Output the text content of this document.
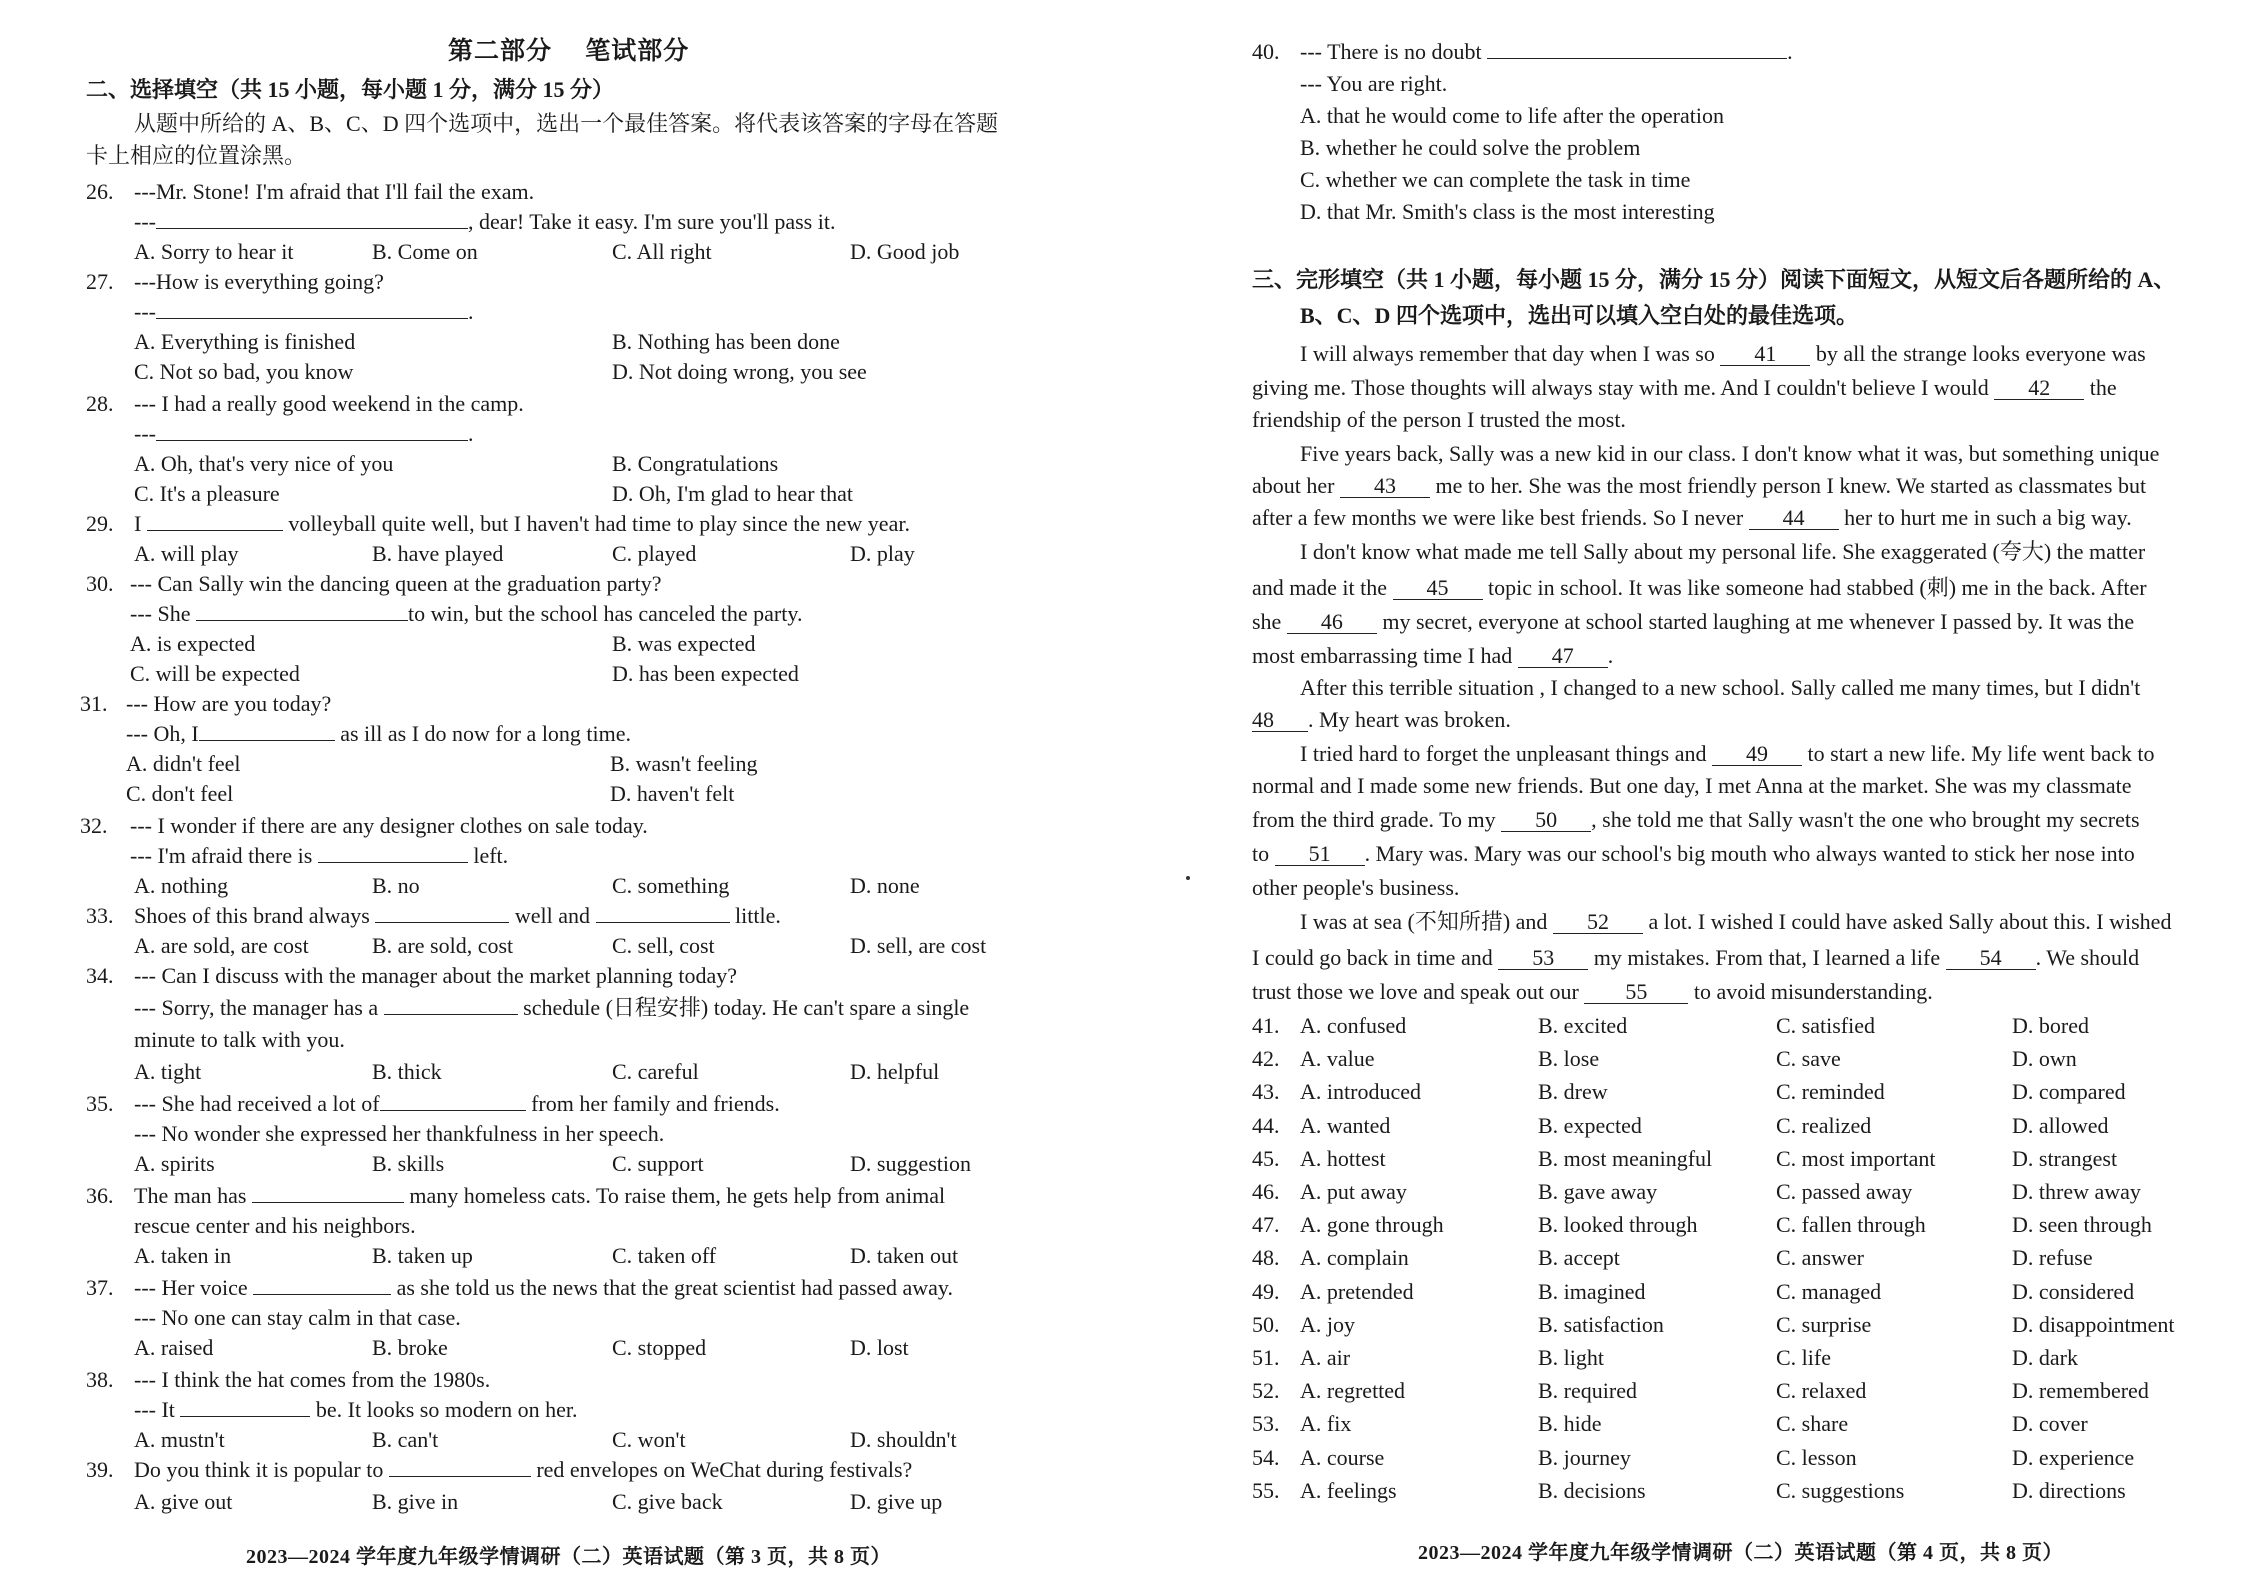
第二部分　 笔试部分
二、选择填空（共 15 小题，每小题 1 分，满分 15 分）
从题中所给的 A、B、C、D 四个选项中，选出一个最佳答案。将代表该答案的字母在答题
卡上相应的位置涂黑。
26. ---Mr. Stone! I'm afraid that I'll fail the exam.
---	, dear! Take it easy. I'm sure you'll pass it.
A. Sorry to hear it	B. Come on	C. All right	D. Good job
27. ---How is everything going?
---	.
A. Everything is finished	B. Nothing has been done
C. Not so bad, you know	D. Not doing wrong, you see
28. --- I had a really good weekend in the camp.
---	.
A. Oh, that's very nice of you	B. Congratulations
C. It's a pleasure	D. Oh, I'm glad to hear that
29. I	volleyball quite well, but I haven't had time to play since the new year.
A. will play	B. have played	C. played	D. play
30. --- Can Sally win the dancing queen at the graduation party?
--- She	to win, but the school has canceled the party.
A. is expected	B. was expected
C. will be expected	D. has been expected
31. --- How are you today?
--- Oh, I	as ill as I do now for a long time.
A. didn't feel	B. wasn't feeling
C. don't feel	D. haven't felt
32. --- I wonder if there are any designer clothes on sale today.
--- I'm afraid there is	left.
A. nothing	B. no	C. something	D. none
33. Shoes of this brand always	well and	little.
A. are sold, are cost	B. are sold, cost	C. sell, cost	D. sell, are cost
34. --- Can I discuss with the manager about the market planning today?
--- Sorry, the manager has a	schedule (日程安排) today. He can't spare a single
minute to talk with you.
A. tight	B. thick	C. careful	D. helpful
35. --- She had received a lot of	from her family and friends.
--- No wonder she expressed her thankfulness in her speech.
A. spirits	B. skills	C. support	D. suggestion
36. The man has	many homeless cats. To raise them, he gets help from animal
rescue center and his neighbors.
A. taken in	B. taken up	C. taken off	D. taken out
37. --- Her voice	as she told us the news that the great scientist had passed away.
--- No one can stay calm in that case.
A. raised	B. broke	C. stopped	D. lost
38. --- I think the hat comes from the 1980s.
--- It	be. It looks so modern on her.
A. mustn't	B. can't	C. won't	D. shouldn't
39. Do you think it is popular to	red envelopes on WeChat during festivals?
A. give out	B. give in	C. give back	D. give up
2023—2024 学年度九年级学情调研（二）英语试题（第 3 页，共 8 页）
40. --- There is no doubt	.
--- You are right.
A. that he would come to life after the operation
B. whether he could solve the problem
C. whether we can complete the task in time
D. that Mr. Smith's class is the most interesting
三、完形填空（共 1 小题，每小题 15 分，满分 15 分）阅读下面短文，从短文后各题所给的 A、
B、C、D 四个选项中，选出可以填入空白处的最佳选项。
I will always remember that day when I was so 41 by all the strange looks everyone was
giving me. Those thoughts will always stay with me. And I couldn't believe I would 42 the
friendship of the person I trusted the most.
Five years back, Sally was a new kid in our class. I don't know what it was, but something unique
about her 43 me to her. She was the most friendly person I knew. We started as classmates but
after a few months we were like best friends. So I never 44 her to hurt me in such a big way.
I don't know what made me tell Sally about my personal life. She exaggerated (夸大) the matter
and made it the 45 topic in school. It was like someone had stabbed (刺) me in the back. After
she 46 my secret, everyone at school started laughing at me whenever I passed by. It was the
most embarrassing time I had 47 .
After this terrible situation , I changed to a new school. Sally called me many times, but I didn't
48 . My heart was broken.
I tried hard to forget the unpleasant things and 49 to start a new life. My life went back to
normal and I made some new friends. But one day, I met Anna at the market. She was my classmate
from the third grade. To my 50 , she told me that Sally wasn't the one who brought my secrets
to 51 . Mary was. Mary was our school's big mouth who always wanted to stick her nose into
other people's business.
I was at sea (不知所措) and 52 a lot. I wished I could have asked Sally about this. I wished
I could go back in time and 53 my mistakes. From that, I learned a life 54 . We should
trust those we love and speak out our 55 to avoid misunderstanding.
41. A. confused	B. excited	C. satisfied	D. bored
42. A. value	B. lose	C. save	D. own
43. A. introduced	B. drew	C. reminded	D. compared
44. A. wanted	B. expected	C. realized	D. allowed
45. A. hottest	B. most meaningful	C. most important	D. strangest
46. A. put away	B. gave away	C. passed away	D. threw away
47. A. gone through	B. looked through	C. fallen through	D. seen through
48. A. complain	B. accept	C. answer	D. refuse
49. A. pretended	B. imagined	C. managed	D. considered
50. A. joy	B. satisfaction	C. surprise	D. disappointment
51. A. air	B. light	C. life	D. dark
52. A. regretted	B. required	C. relaxed	D. remembered
53. A. fix	B. hide	C. share	D. cover
54. A. course	B. journey	C. lesson	D. experience
55. A. feelings	B. decisions	C. suggestions	D. directions
2023—2024 学年度九年级学情调研（二）英语试题（第 4 页，共 8 页）
